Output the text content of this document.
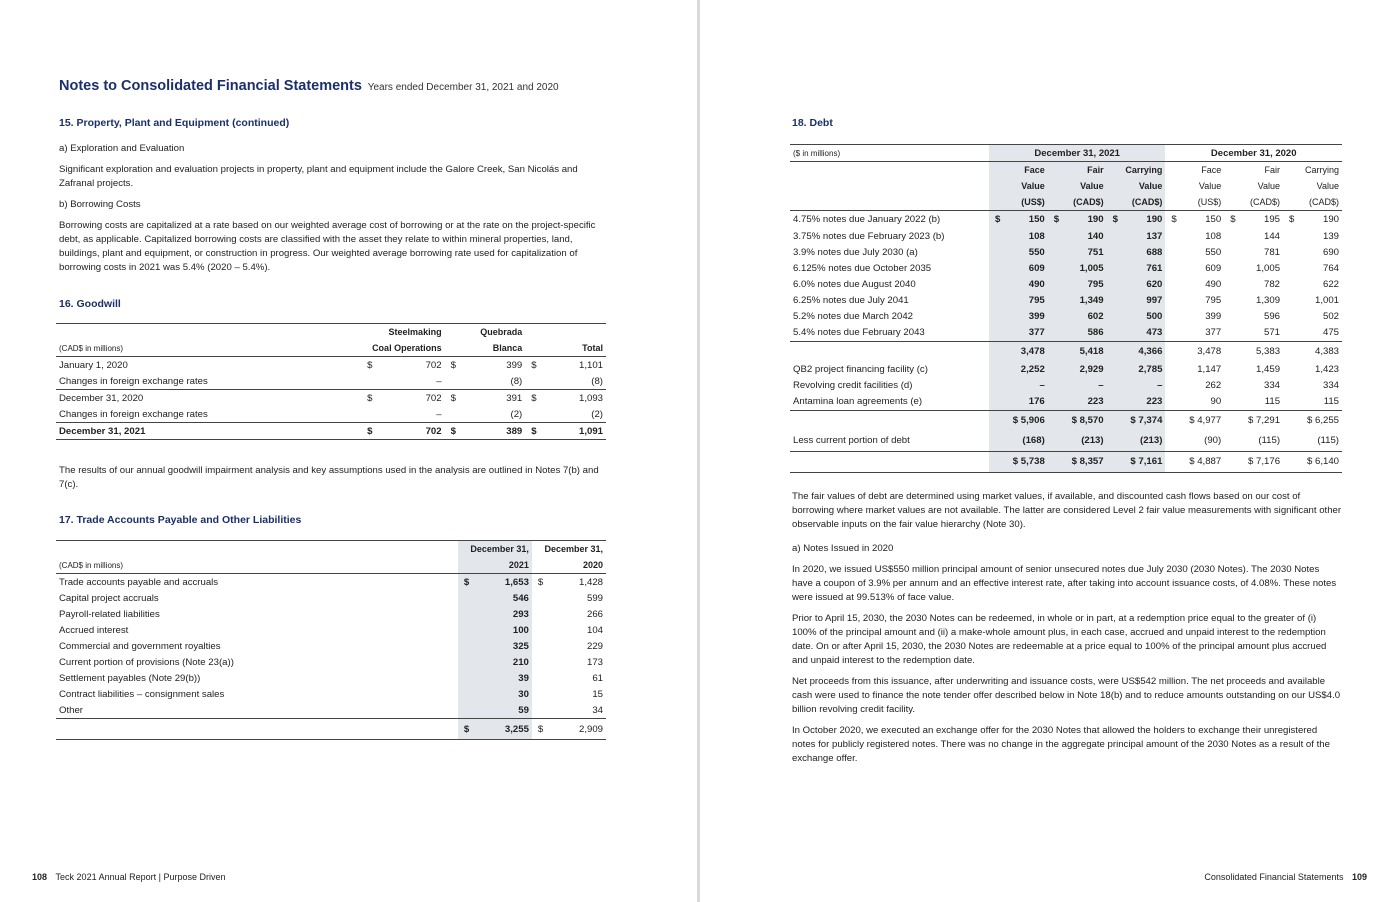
Notes to Consolidated Financial Statements Years ended December 31, 2021 and 2020
15. Property, Plant and Equipment (continued)

a) Exploration and Evaluation

Significant exploration and evaluation projects in property, plant and equipment include the Galore Creek, San Nicolás and Zafranal projects.

b) Borrowing Costs

Borrowing costs are capitalized at a rate based on our weighted average cost of borrowing or at the rate on the project-specific debt, as applicable. Capitalized borrowing costs are classified with the asset they relate to within mineral properties, land, buildings, plant and equipment, or construction in progress. Our weighted average borrowing rate used for capitalization of borrowing costs in 2021 was 5.4% (2020 – 5.4%).

16. Goodwill
	Steelmaking		Quebrada			
(CAD$ in millions)	Coal Operations		Blanca		Total	
January 1, 2020	$	702	$	399	$	1,101
Changes in foreign exchange rates		–		(8)		(8)
December 31, 2020	$	702	$	391	$	1,093
Changes in foreign exchange rates		–		(2)		(2)
December 31, 2021	$	702	$	389	$	1,091

The results of our annual goodwill impairment analysis and key assumptions used in the analysis are outlined in Notes 7(b) and 7(c).

17. Trade Accounts Payable and Other Liabilities
	December 31,		December 31,	
(CAD$ in millions)	2021		2020	
Trade accounts payable and accruals	$	1,653	$	1,428
Capital project accruals		546		599
Payroll-related liabilities		293		266
Accrued interest		100		104
Commercial and government royalties		325		229
Current portion of provisions (Note 23(a))		210		173
Settlement payables (Note 29(b))		39		61
Contract liabilities – consignment sales		30		15
Other		59		34
	$	3,255	$	2,909
108 Teck 2021 Annual Report | Purpose Driven
18. Debt
($ in millions)	December 31, 2021						December 31, 2020					
	Face		Fair		Carrying		Face		Fair		Carrying	
	Value		Value		Value		Value		Value		Value	
	(US$)		(CAD$)		(CAD$)		(US$)		(CAD$)		(CAD$)	
4.75% notes due January 2022 (b)	$	150	$	190	$	190	$	150	$	195	$	190
3.75% notes due February 2023 (b)		108		140		137		108		144		139
3.9% notes due July 2030 (a)		550		751		688		550		781		690
6.125% notes due October 2035		609		1,005		761		609		1,005		764
6.0% notes due August 2040		490		795		620		490		782		622
6.25% notes due July 2041		795		1,349		997		795		1,309		1,001
5.2% notes due March 2042		399		602		500		399		596		502
5.4% notes due February 2043		377		586		473		377		571		475
	3,478		5,418		4,366		3,478		5,383		4,383	
QB2 project financing facility (c)	2,252		2,929		2,785		1,147		1,459		1,423	
Revolving credit facilities (d)	–		–		–		262		334		334	
Antamina loan agreements (e)	176		223		223		90		115		115	
	$ 5,906		$ 8,570		$ 7,374		$ 4,977		$ 7,291		$ 6,255	
Less current portion of debt	(168)		(213)		(213)		(90)		(115)		(115)	
	$ 5,738		$ 8,357		$ 7,161		$ 4,887		$ 7,176		$ 6,140	

The fair values of debt are determined using market values, if available, and discounted cash flows based on our cost of borrowing where market values are not available. The latter are considered Level 2 fair value measurements with significant other observable inputs on the fair value hierarchy (Note 30).

a) Notes Issued in 2020

In 2020, we issued US$550 million principal amount of senior unsecured notes due July 2030 (2030 Notes). The 2030 Notes have a coupon of 3.9% per annum and an effective interest rate, after taking into account issuance costs, of 4.08%. These notes were issued at 99.513% of face value.

Prior to April 15, 2030, the 2030 Notes can be redeemed, in whole or in part, at a redemption price equal to the greater of (i) 100% of the principal amount and (ii) a make-whole amount plus, in each case, accrued and unpaid interest to the redemption date. On or after April 15, 2030, the 2030 Notes are redeemable at a price equal to 100% of the principal amount plus accrued and unpaid interest to the redemption date.

Net proceeds from this issuance, after underwriting and issuance costs, were US$542 million. The net proceeds and available cash were used to finance the note tender offer described below in Note 18(b) and to reduce amounts outstanding on our US$4.0 billion revolving credit facility.

In October 2020, we executed an exchange offer for the 2030 Notes that allowed the holders to exchange their unregistered notes for publicly registered notes. There was no change in the aggregate principal amount of the 2030 Notes as a result of the exchange offer.

Consolidated Financial Statements 109
